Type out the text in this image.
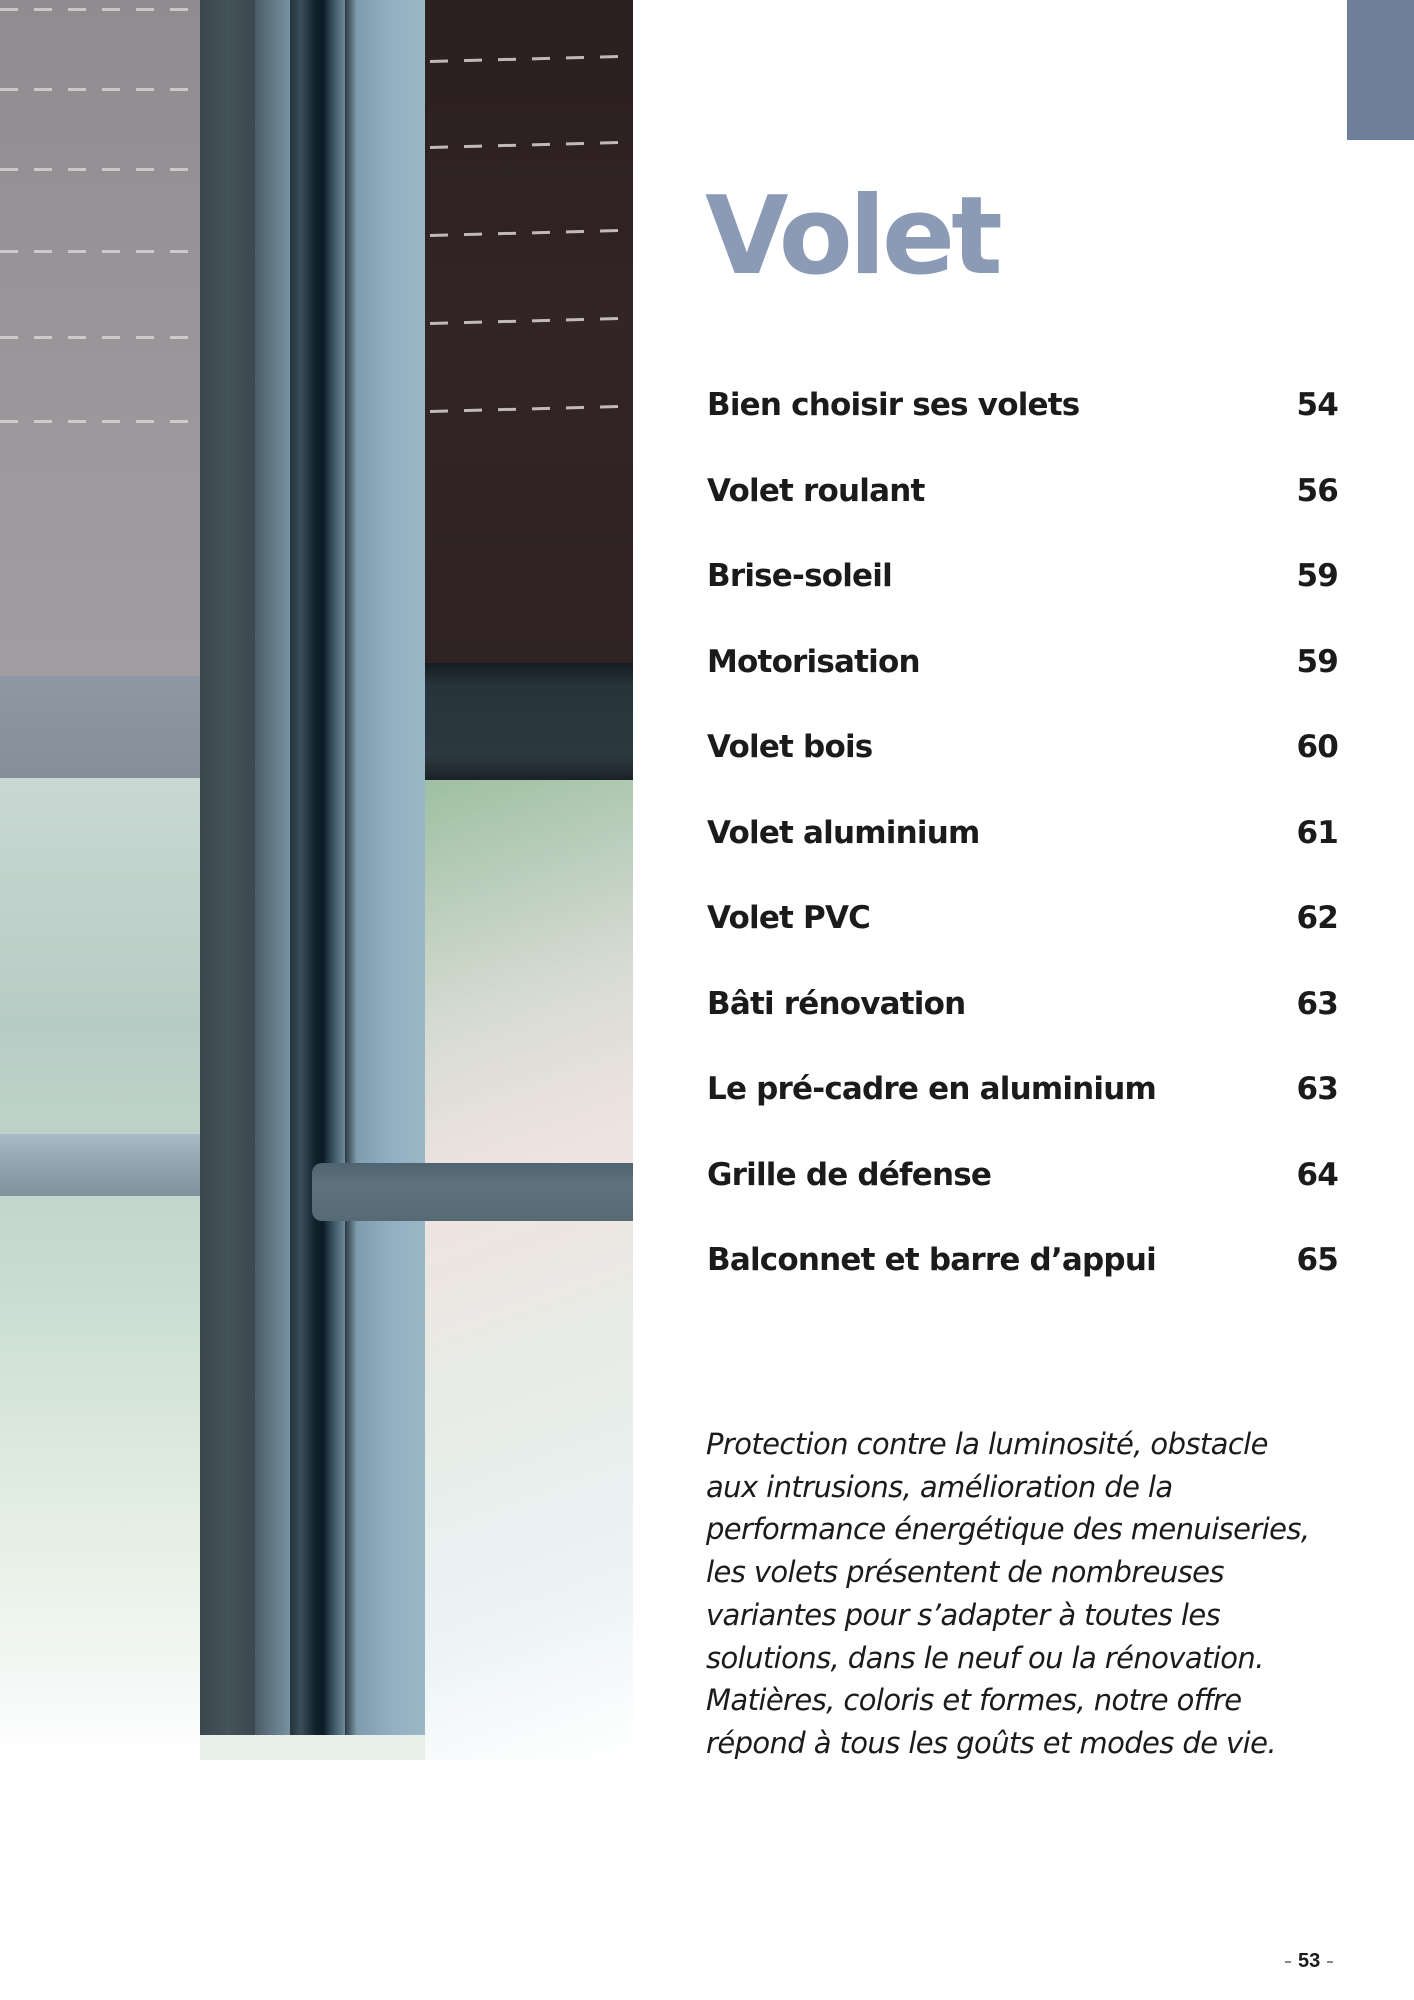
Volet
Bien choisir ses volets	54
Volet roulant	56
Brise-soleil	59
Motorisation	59
Volet bois	60
Volet aluminium	61
Volet PVC	62
Bâti rénovation	63
Le pré-cadre en aluminium	63
Grille de défense	64
Balconnet et barre d’appui	65

Protection contre la luminosité, obstacle
aux intrusions, amélioration de la
performance énergétique des menuiseries,
les volets présentent de nombreuses
variantes pour s’adapter à toutes les
solutions, dans le neuf ou la rénovation.
Matières, coloris et formes, notre offre
répond à tous les goûts et modes de vie.

53
